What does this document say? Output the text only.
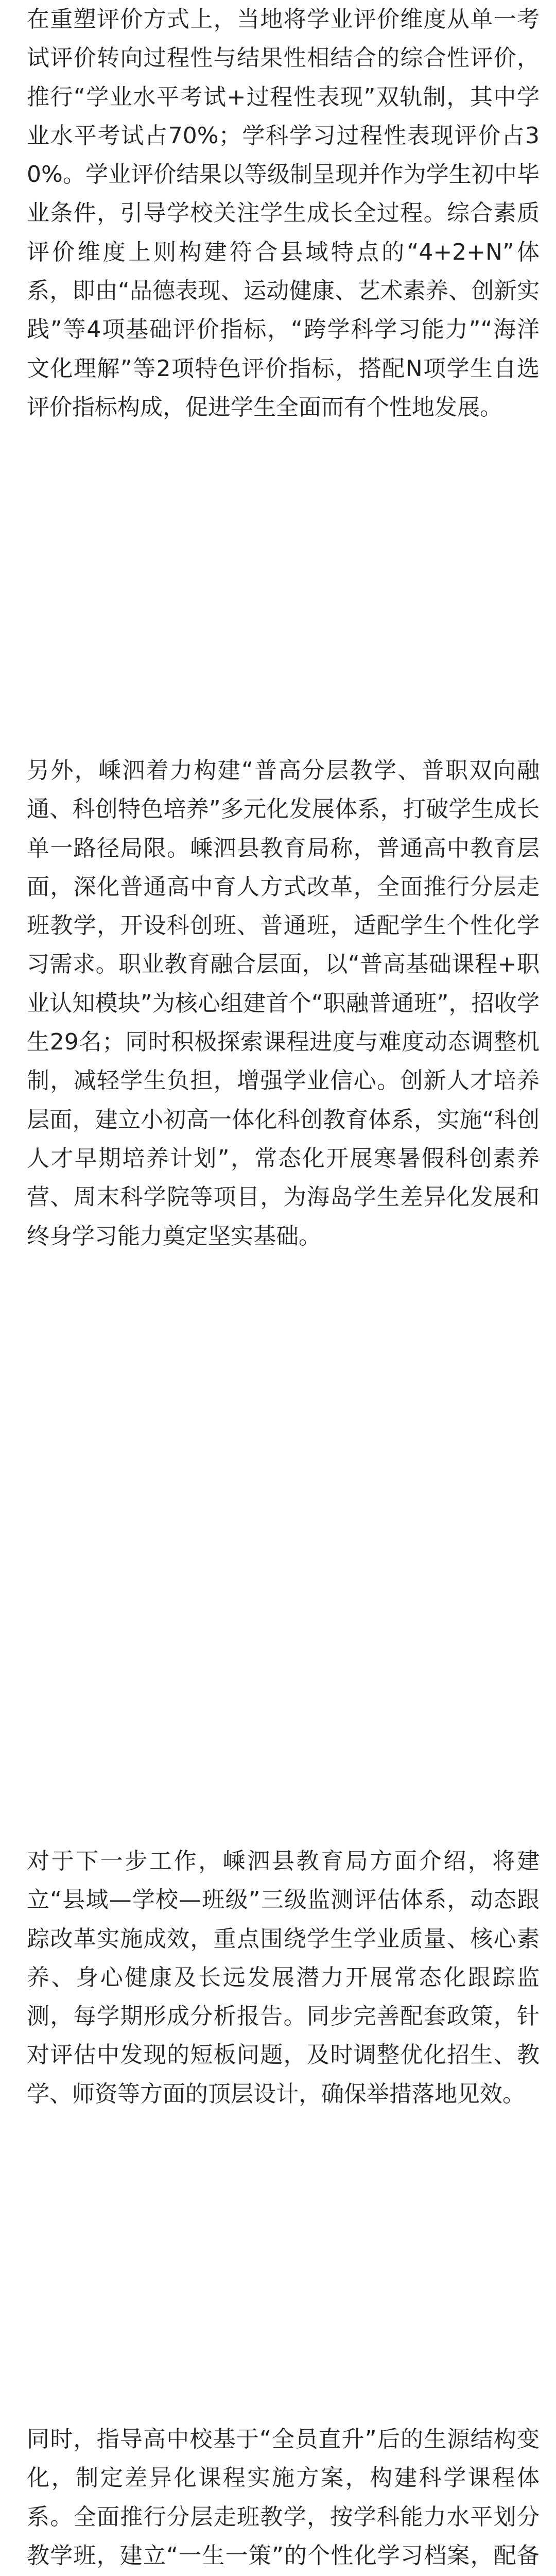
在重塑评价方式上，当地将学业评价维度从单一考试评价转向过程性与结果性相结合的综合性评价，推行“学业水平考试+过程性表现”双轨制，其中学业水平考试占70%；学科学习过程性表现评价占30%。学业评价结果以等级制呈现并作为学生初中毕业条件，引导学校关注学生成长全过程。综合素质评价维度上则构建符合县域特点的“4+2+N”体系，即由“品德表现、运动健康、艺术素养、创新实践”等4项基础评价指标，“跨学科学习能力”“海洋文化理解”等2项特色评价指标，搭配N项学生自选评价指标构成，促进学生全面而有个性地发展。

另外，嵊泗着力构建“普高分层教学、普职双向融通、科创特色培养”多元化发展体系，打破学生成长单一路径局限。嵊泗县教育局称，普通高中教育层面，深化普通高中育人方式改革，全面推行分层走班教学，开设科创班、普通班，适配学生个性化学习需求。职业教育融合层面，以“普高基础课程+职业认知模块”为核心组建首个“职融普通班”，招收学生29名；同时积极探索课程进度与难度动态调整机制，减轻学生负担，增强学业信心。创新人才培养层面，建立小初高一体化科创教育体系，实施“科创人才早期培养计划”，常态化开展寒暑假科创素养营、周末科学院等项目，为海岛学生差异化发展和终身学习能力奠定坚实基础。

对于下一步工作，嵊泗县教育局方面介绍，将建立“县域—学校—班级”三级监测评估体系，动态跟踪改革实施成效，重点围绕学生学业质量、核心素养、身心健康及长远发展潜力开展常态化跟踪监测，每学期形成分析报告。同步完善配套政策，针对评估中发现的短板问题，及时调整优化招生、教学、师资等方面的顶层设计，确保举措落地见效。

同时，指导高中校基于“全员直升”后的生源结构变化，制定差异化课程实施方案，构建科学课程体系。全面推行分层走班教学，按学科能力水平划分教学班，建立“一生一策”的个性化学习档案，配备
